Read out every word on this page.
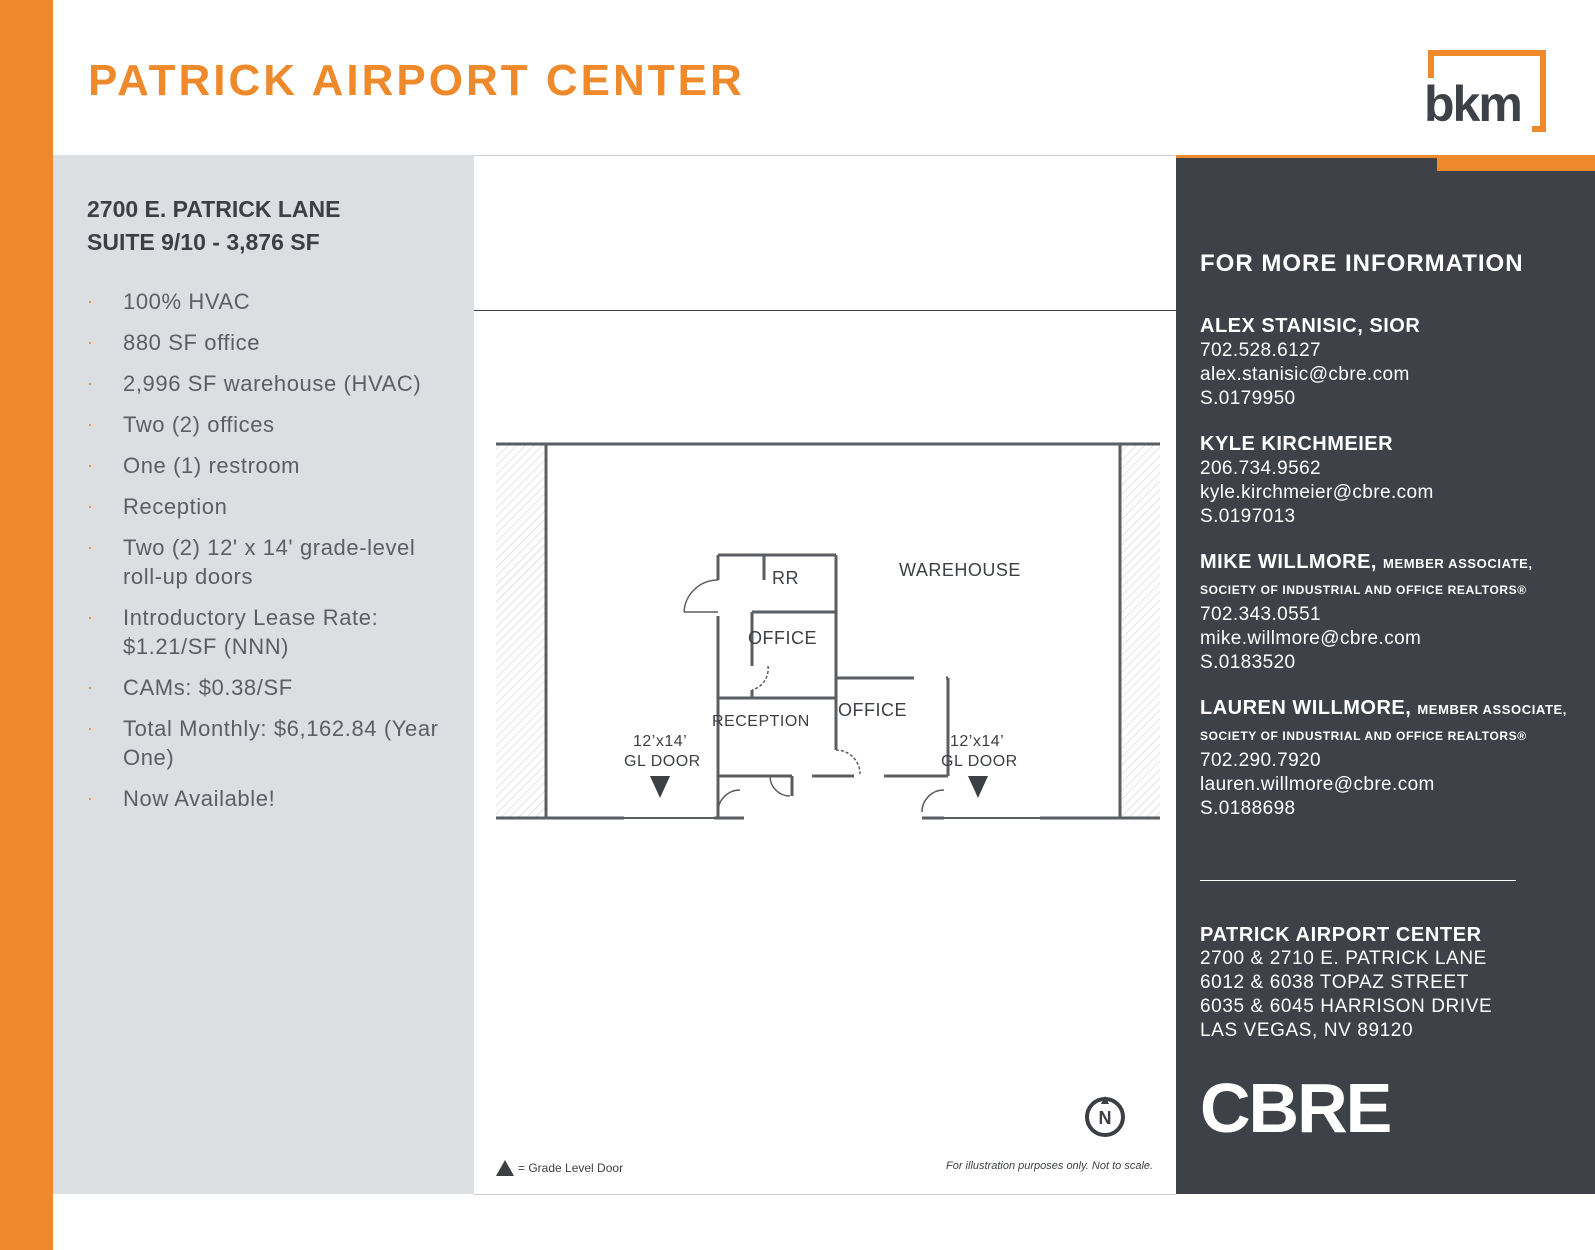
PATRICK AIRPORT CENTER	bkm
2700 E. PATRICK LANE
SUITE 9/10 - 3,876 SF
· 100% HVAC
· 880 SF office
· 2,996 SF warehouse (HVAC)
· Two (2) offices
· One (1) restroom
· Reception
· Two (2) 12' x 14' grade-level roll-up doors
· Introductory Lease Rate: $1.21/SF (NNN)
· CAMs: $0.38/SF
· Total Monthly: $6,162.84 (Year One)
· Now Available!
WAREHOUSE
RR
OFFICE
OFFICE
RECEPTION
12’x14’
GL DOOR
12’x14’
GL DOOR
N
= Grade Level Door	For illustration purposes only. Not to scale.
FOR MORE INFORMATION
ALEX STANISIC, SIOR
702.528.6127
alex.stanisic@cbre.com
S.0179950
KYLE KIRCHMEIER
206.734.9562
kyle.kirchmeier@cbre.com
S.0197013
MIKE WILLMORE, MEMBER ASSOCIATE,
SOCIETY OF INDUSTRIAL AND OFFICE REALTORS®
702.343.0551
mike.willmore@cbre.com
S.0183520
LAUREN WILLMORE, MEMBER ASSOCIATE,
SOCIETY OF INDUSTRIAL AND OFFICE REALTORS®
702.290.7920
lauren.willmore@cbre.com
S.0188698
PATRICK AIRPORT CENTER
2700 & 2710 E. PATRICK LANE
6012 & 6038 TOPAZ STREET
6035 & 6045 HARRISON DRIVE
LAS VEGAS, NV 89120
CBRE
